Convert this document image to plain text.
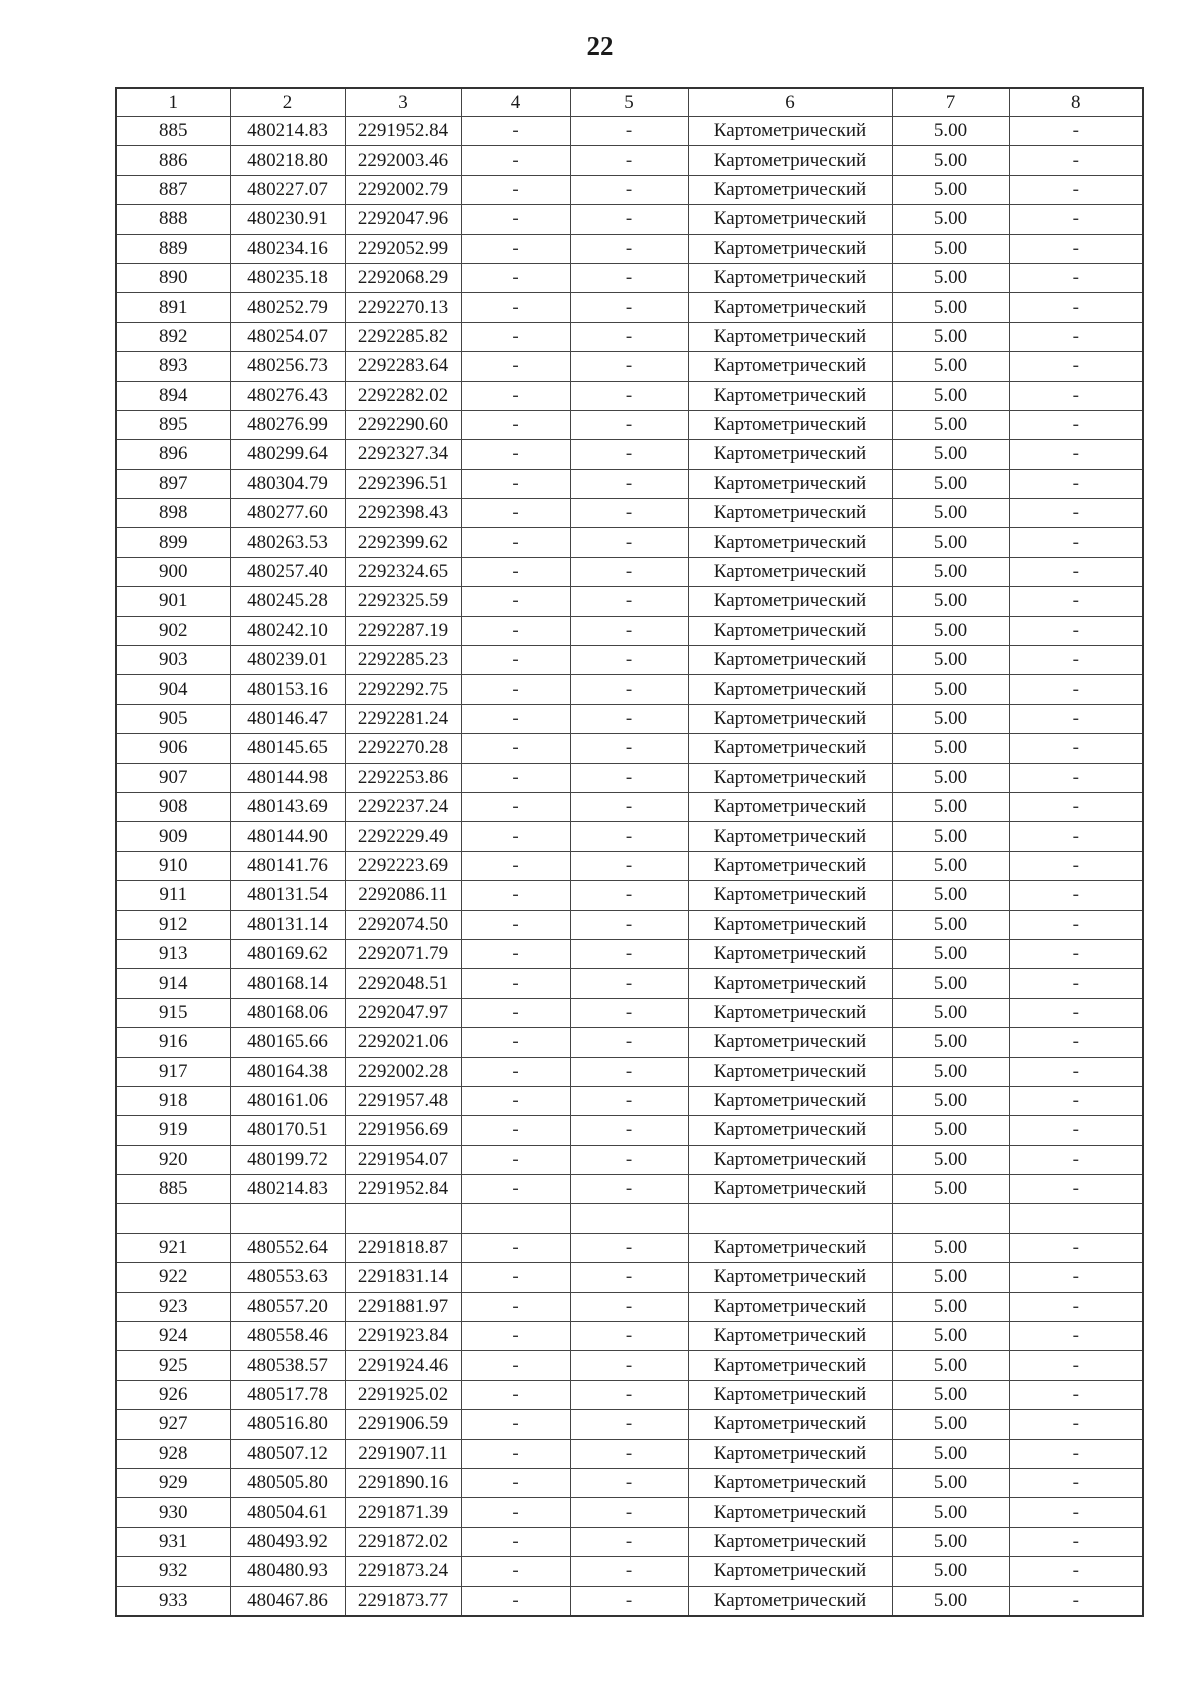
22
1	2	3	4	5	6	7	8
885	480214.83	2291952.84	-	-	Картометрический	5.00	-
886	480218.80	2292003.46	-	-	Картометрический	5.00	-
887	480227.07	2292002.79	-	-	Картометрический	5.00	-
888	480230.91	2292047.96	-	-	Картометрический	5.00	-
889	480234.16	2292052.99	-	-	Картометрический	5.00	-
890	480235.18	2292068.29	-	-	Картометрический	5.00	-
891	480252.79	2292270.13	-	-	Картометрический	5.00	-
892	480254.07	2292285.82	-	-	Картометрический	5.00	-
893	480256.73	2292283.64	-	-	Картометрический	5.00	-
894	480276.43	2292282.02	-	-	Картометрический	5.00	-
895	480276.99	2292290.60	-	-	Картометрический	5.00	-
896	480299.64	2292327.34	-	-	Картометрический	5.00	-
897	480304.79	2292396.51	-	-	Картометрический	5.00	-
898	480277.60	2292398.43	-	-	Картометрический	5.00	-
899	480263.53	2292399.62	-	-	Картометрический	5.00	-
900	480257.40	2292324.65	-	-	Картометрический	5.00	-
901	480245.28	2292325.59	-	-	Картометрический	5.00	-
902	480242.10	2292287.19	-	-	Картометрический	5.00	-
903	480239.01	2292285.23	-	-	Картометрический	5.00	-
904	480153.16	2292292.75	-	-	Картометрический	5.00	-
905	480146.47	2292281.24	-	-	Картометрический	5.00	-
906	480145.65	2292270.28	-	-	Картометрический	5.00	-
907	480144.98	2292253.86	-	-	Картометрический	5.00	-
908	480143.69	2292237.24	-	-	Картометрический	5.00	-
909	480144.90	2292229.49	-	-	Картометрический	5.00	-
910	480141.76	2292223.69	-	-	Картометрический	5.00	-
911	480131.54	2292086.11	-	-	Картометрический	5.00	-
912	480131.14	2292074.50	-	-	Картометрический	5.00	-
913	480169.62	2292071.79	-	-	Картометрический	5.00	-
914	480168.14	2292048.51	-	-	Картометрический	5.00	-
915	480168.06	2292047.97	-	-	Картометрический	5.00	-
916	480165.66	2292021.06	-	-	Картометрический	5.00	-
917	480164.38	2292002.28	-	-	Картометрический	5.00	-
918	480161.06	2291957.48	-	-	Картометрический	5.00	-
919	480170.51	2291956.69	-	-	Картометрический	5.00	-
920	480199.72	2291954.07	-	-	Картометрический	5.00	-
885	480214.83	2291952.84	-	-	Картометрический	5.00	-

921	480552.64	2291818.87	-	-	Картометрический	5.00	-
922	480553.63	2291831.14	-	-	Картометрический	5.00	-
923	480557.20	2291881.97	-	-	Картометрический	5.00	-
924	480558.46	2291923.84	-	-	Картометрический	5.00	-
925	480538.57	2291924.46	-	-	Картометрический	5.00	-
926	480517.78	2291925.02	-	-	Картометрический	5.00	-
927	480516.80	2291906.59	-	-	Картометрический	5.00	-
928	480507.12	2291907.11	-	-	Картометрический	5.00	-
929	480505.80	2291890.16	-	-	Картометрический	5.00	-
930	480504.61	2291871.39	-	-	Картометрический	5.00	-
931	480493.92	2291872.02	-	-	Картометрический	5.00	-
932	480480.93	2291873.24	-	-	Картометрический	5.00	-
933	480467.86	2291873.77	-	-	Картометрический	5.00	-
